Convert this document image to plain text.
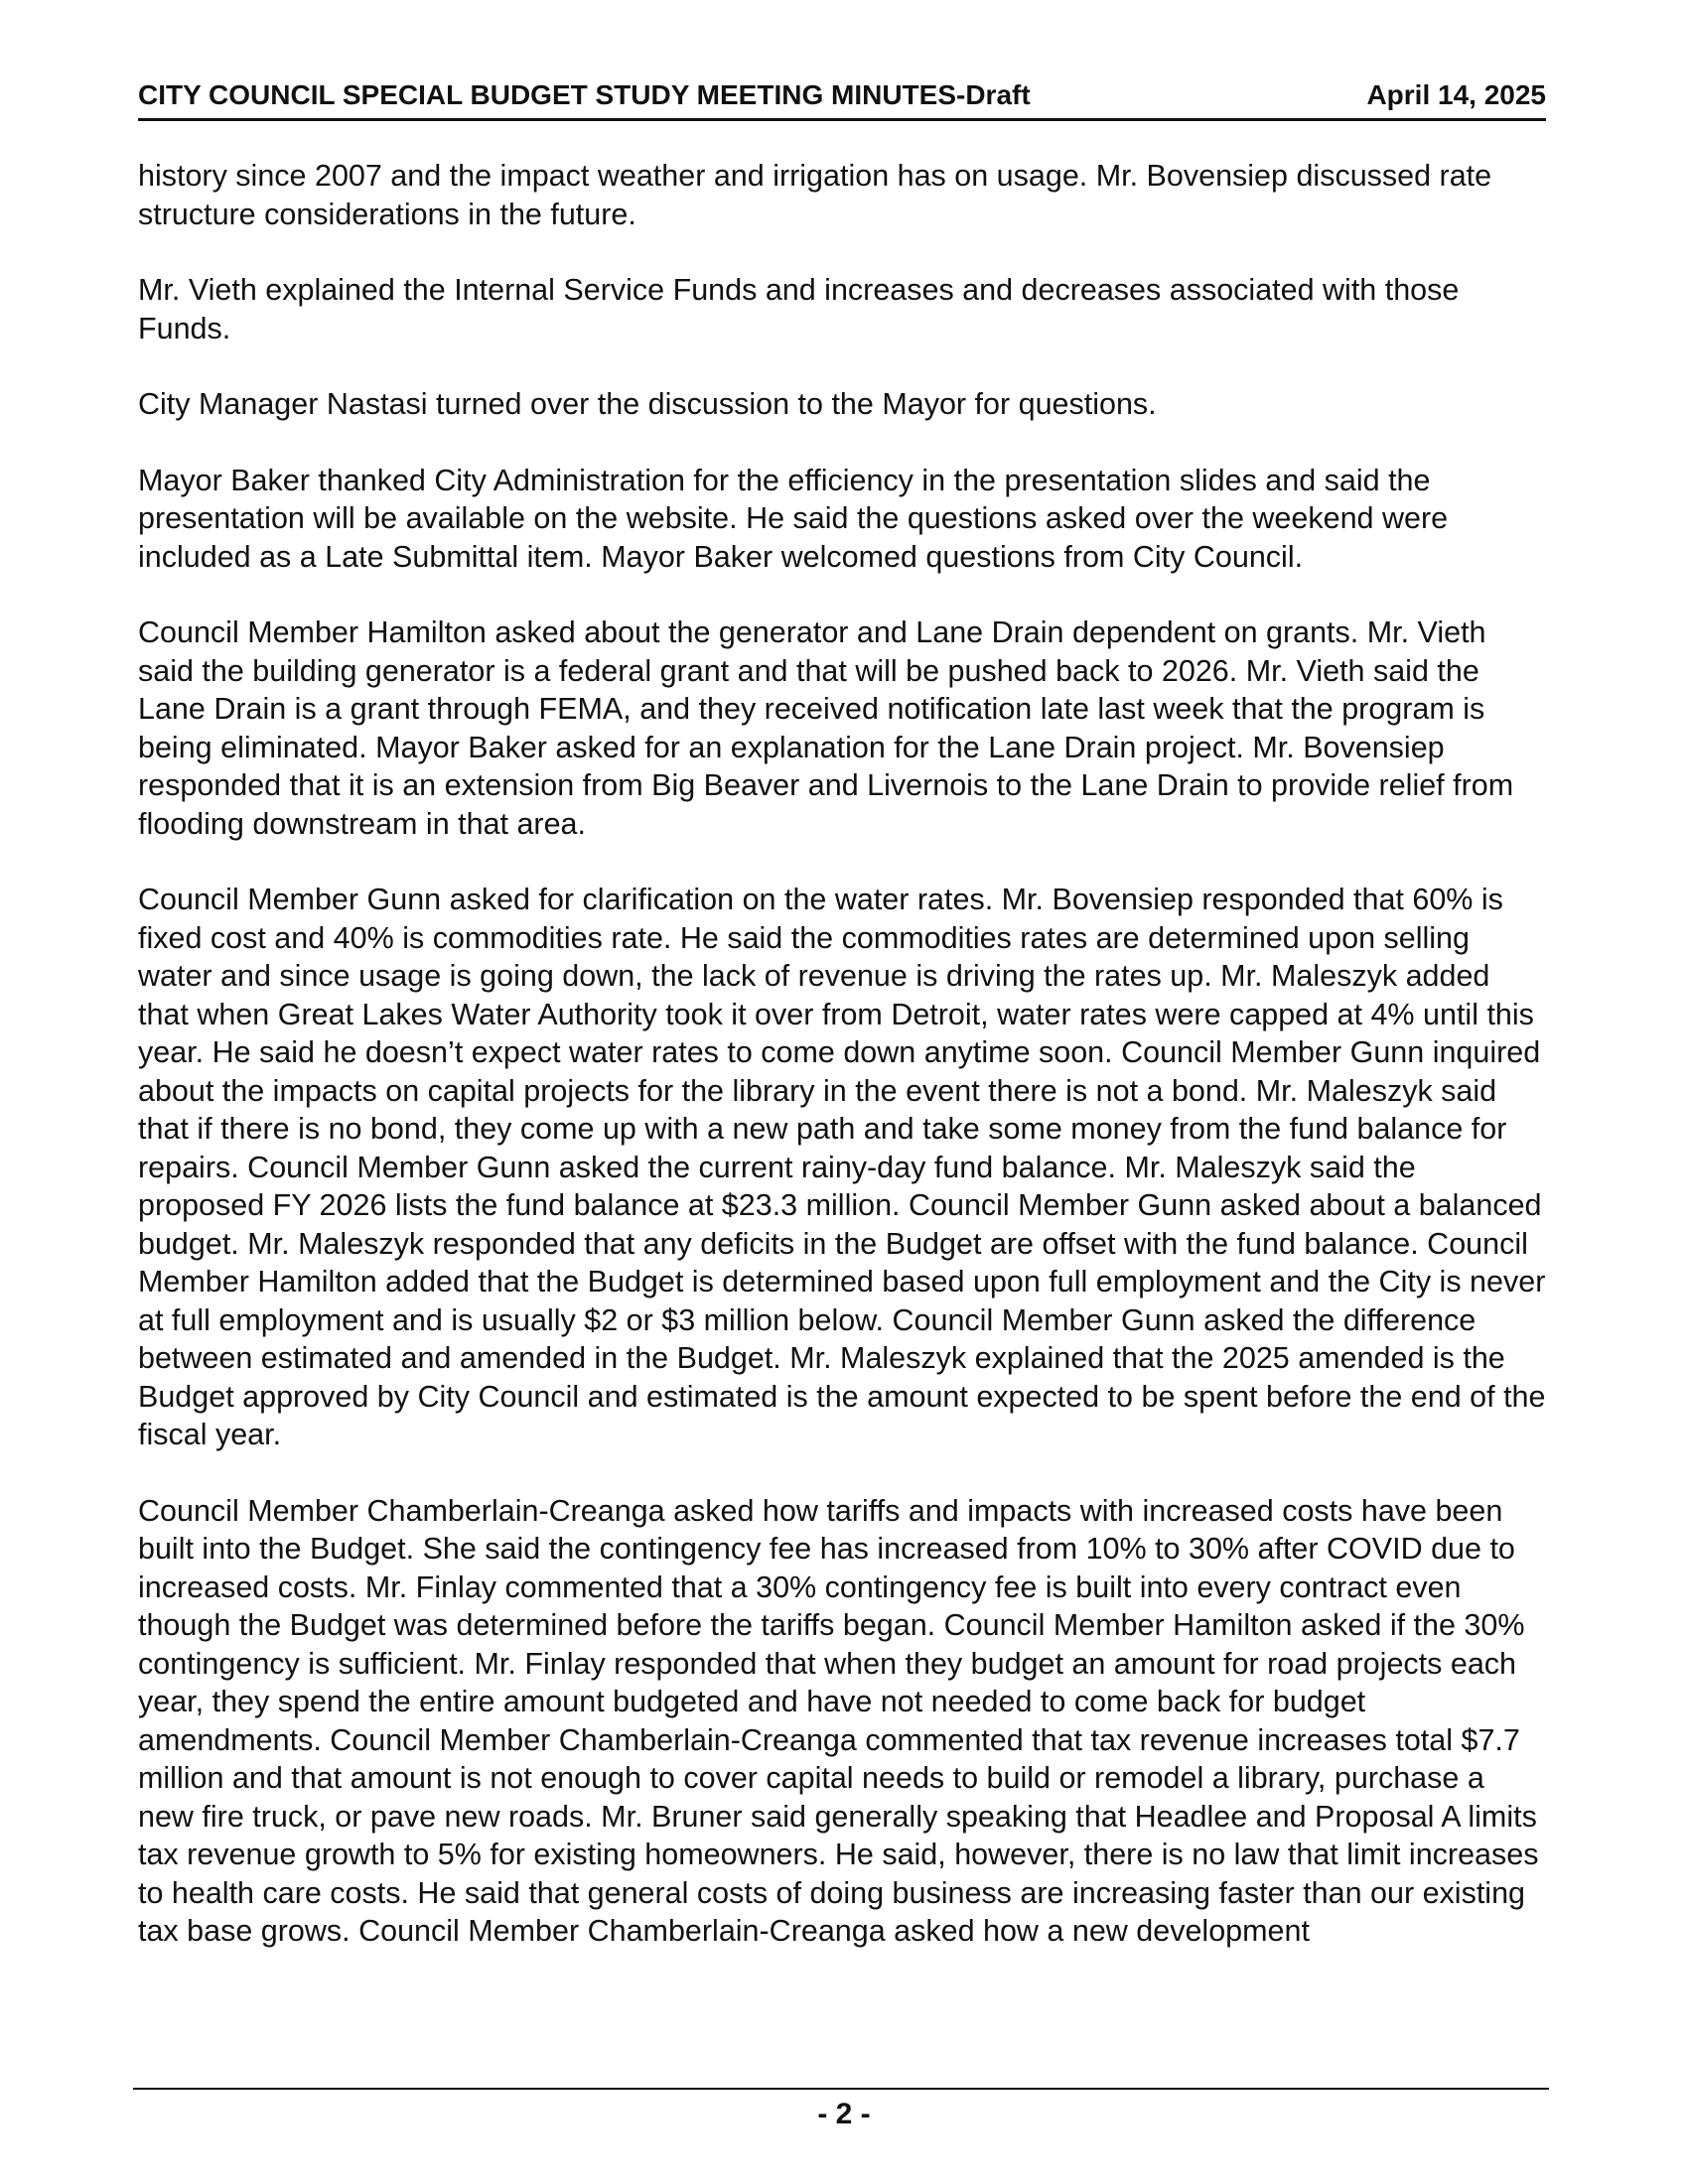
CITY COUNCIL SPECIAL BUDGET STUDY MEETING MINUTES-Draft	April 14, 2025

history since 2007 and the impact weather and irrigation has on usage. Mr. Bovensiep discussed rate structure considerations in the future.

Mr. Vieth explained the Internal Service Funds and increases and decreases associated with those Funds.

City Manager Nastasi turned over the discussion to the Mayor for questions.

Mayor Baker thanked City Administration for the efficiency in the presentation slides and said the presentation will be available on the website. He said the questions asked over the weekend were included as a Late Submittal item. Mayor Baker welcomed questions from City Council.

Council Member Hamilton asked about the generator and Lane Drain dependent on grants. Mr. Vieth said the building generator is a federal grant and that will be pushed back to 2026. Mr. Vieth said the Lane Drain is a grant through FEMA, and they received notification late last week that the program is being eliminated. Mayor Baker asked for an explanation for the Lane Drain project. Mr. Bovensiep responded that it is an extension from Big Beaver and Livernois to the Lane Drain to provide relief from flooding downstream in that area.

Council Member Gunn asked for clarification on the water rates. Mr. Bovensiep responded that 60% is fixed cost and 40% is commodities rate. He said the commodities rates are determined upon selling water and since usage is going down, the lack of revenue is driving the rates up. Mr. Maleszyk added that when Great Lakes Water Authority took it over from Detroit, water rates were capped at 4% until this year. He said he doesn’t expect water rates to come down anytime soon. Council Member Gunn inquired about the impacts on capital projects for the library in the event there is not a bond. Mr. Maleszyk said that if there is no bond, they come up with a new path and take some money from the fund balance for repairs. Council Member Gunn asked the current rainy-day fund balance. Mr. Maleszyk said the proposed FY 2026 lists the fund balance at $23.3 million. Council Member Gunn asked about a balanced budget. Mr. Maleszyk responded that any deficits in the Budget are offset with the fund balance. Council Member Hamilton added that the Budget is determined based upon full employment and the City is never at full employment and is usually $2 or $3 million below. Council Member Gunn asked the difference between estimated and amended in the Budget. Mr. Maleszyk explained that the 2025 amended is the Budget approved by City Council and estimated is the amount expected to be spent before the end of the fiscal year.

Council Member Chamberlain-Creanga asked how tariffs and impacts with increased costs have been built into the Budget. She said the contingency fee has increased from 10% to 30% after COVID due to increased costs. Mr. Finlay commented that a 30% contingency fee is built into every contract even though the Budget was determined before the tariffs began. Council Member Hamilton asked if the 30% contingency is sufficient. Mr. Finlay responded that when they budget an amount for road projects each year, they spend the entire amount budgeted and have not needed to come back for budget amendments. Council Member Chamberlain-Creanga commented that tax revenue increases total $7.7 million and that amount is not enough to cover capital needs to build or remodel a library, purchase a new fire truck, or pave new roads. Mr. Bruner said generally speaking that Headlee and Proposal A limits tax revenue growth to 5% for existing homeowners. He said, however, there is no law that limit increases to health care costs. He said that general costs of doing business are increasing faster than our existing tax base grows. Council Member Chamberlain-Creanga asked how a new development

- 2 -
